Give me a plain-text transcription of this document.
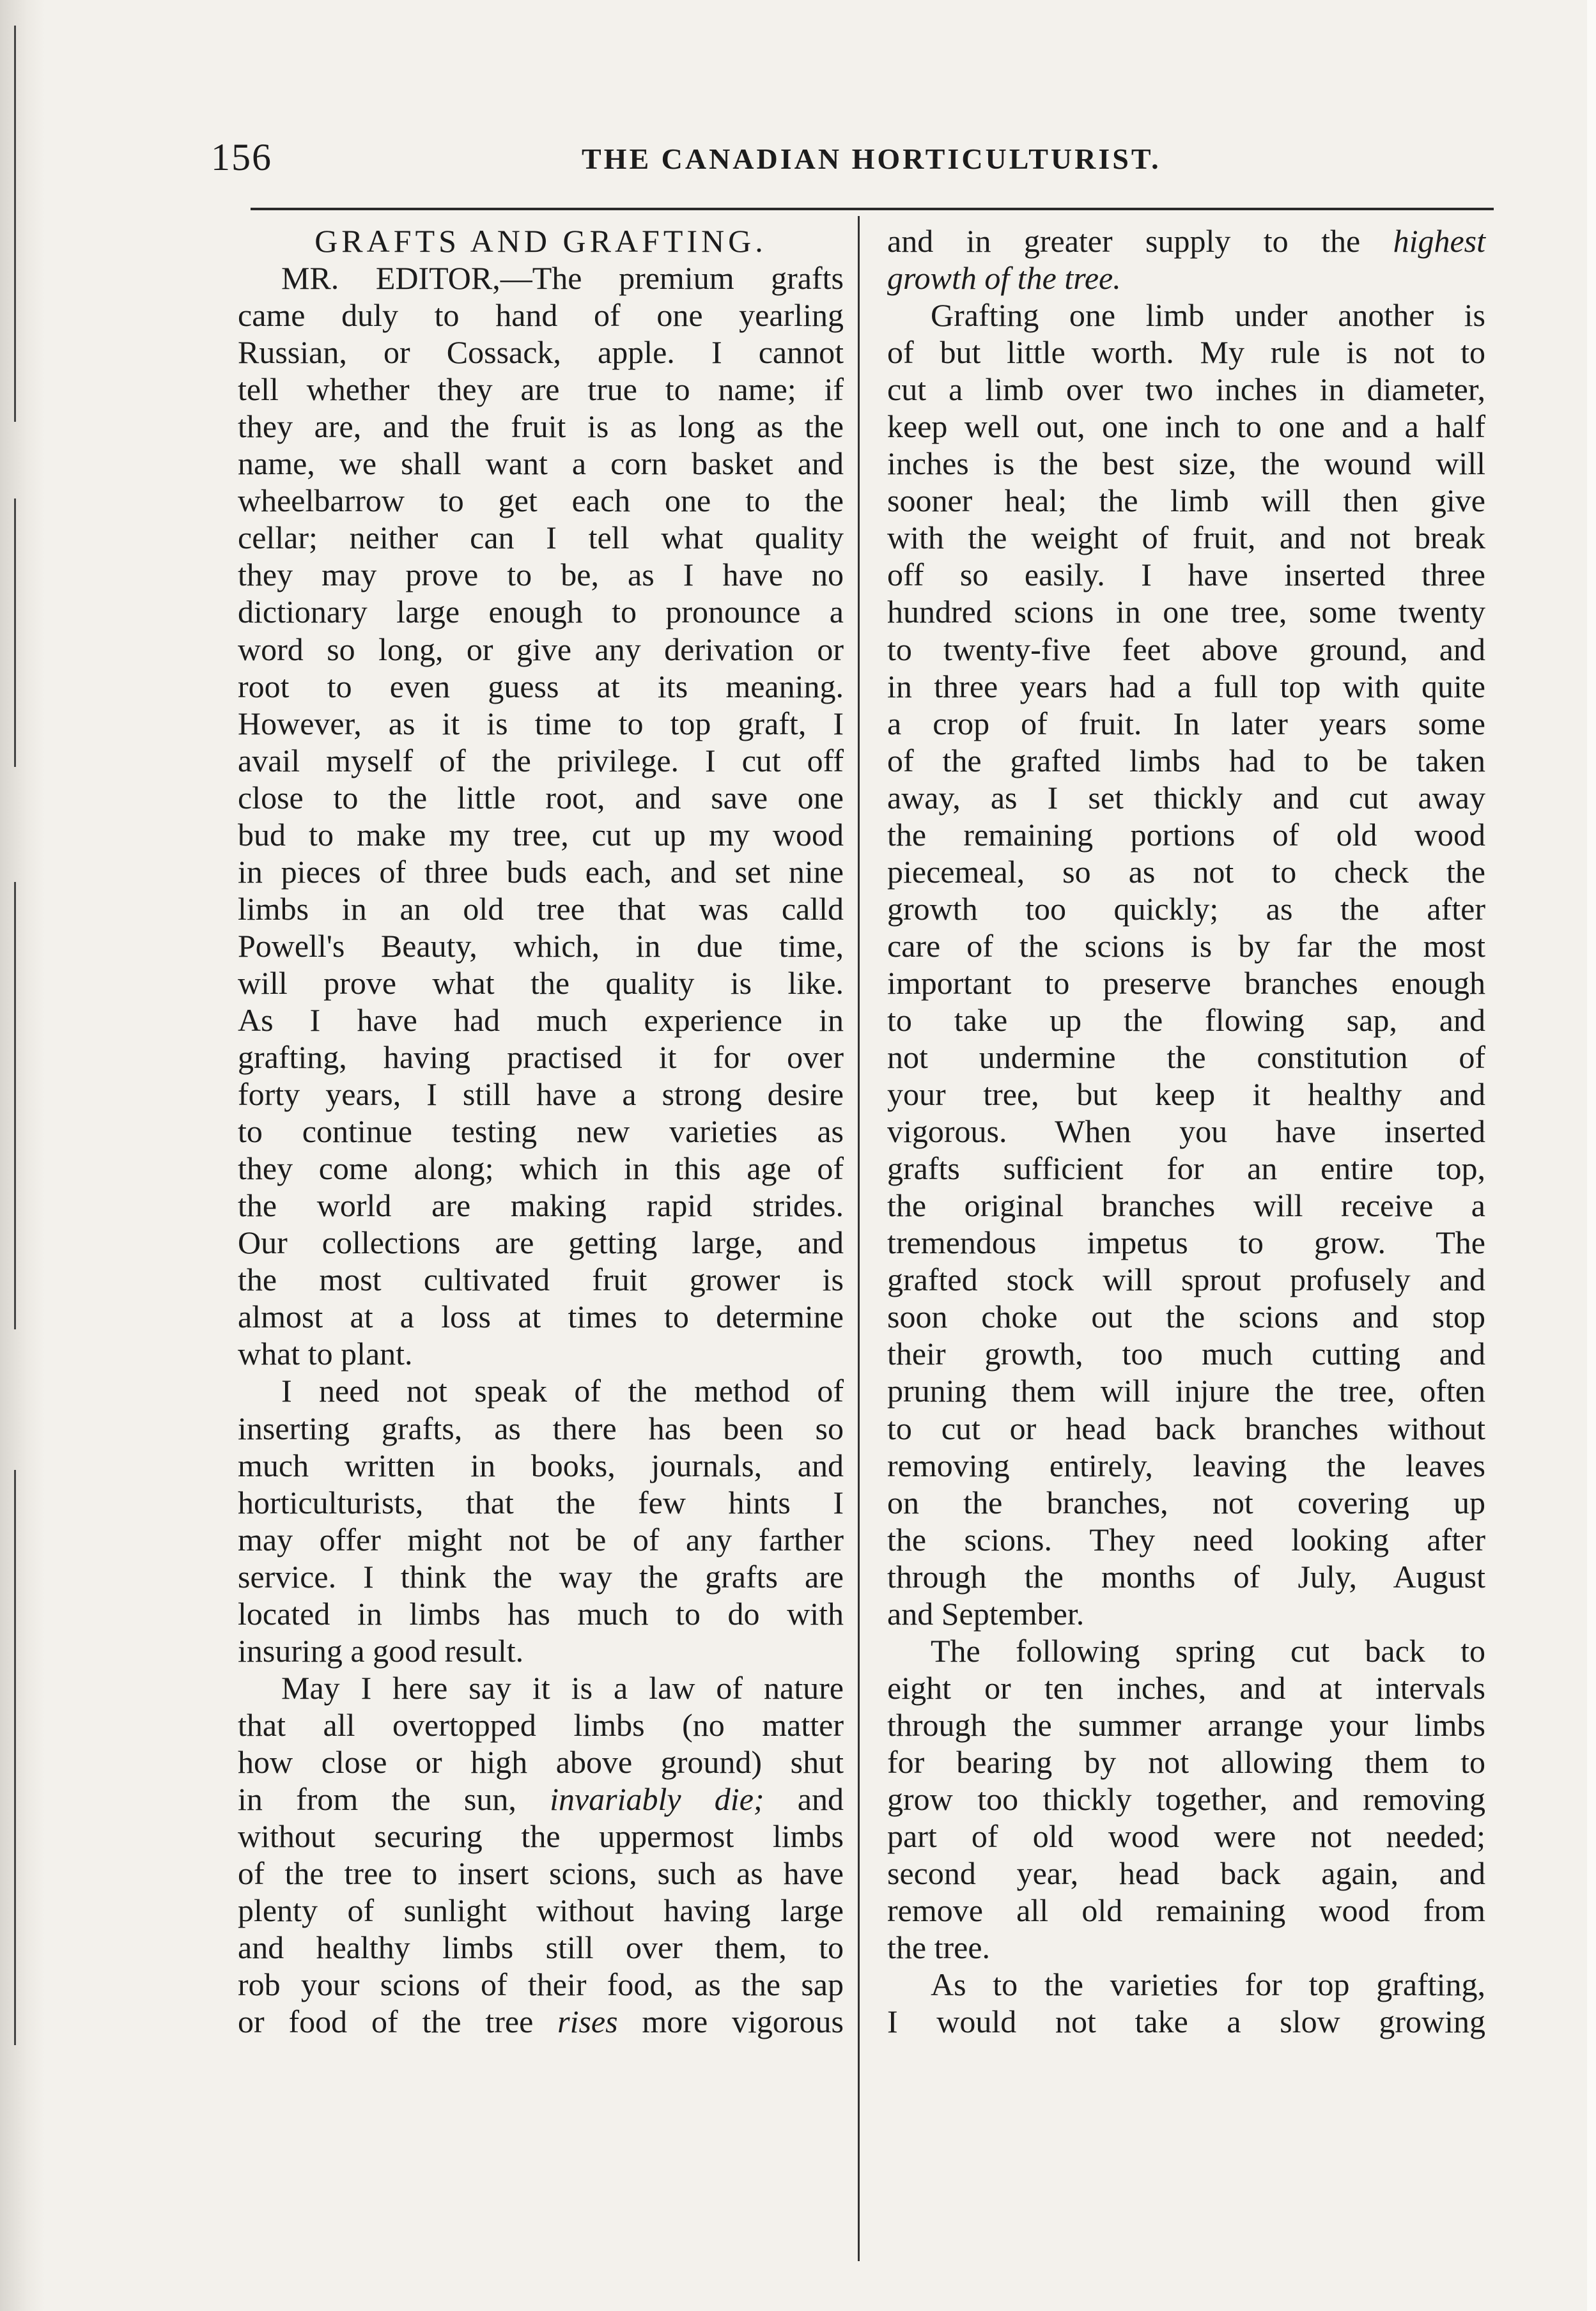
156	THE CANADIAN HORTICULTURIST.
GRAFTS AND GRAFTING.
MR. EDITOR,—The premium grafts
came duly to hand of one yearling
Russian, or Cossack, apple. I cannot
tell whether they are true to name; if
they are, and the fruit is as long as the
name, we shall want a corn basket and
wheelbarrow to get each one to the
cellar; neither can I tell what quality
they may prove to be, as I have no
dictionary large enough to pronounce a
word so long, or give any derivation or
root to even guess at its meaning.
However, as it is time to top graft, I
avail myself of the privilege. I cut off
close to the little root, and save one
bud to make my tree, cut up my wood
in pieces of three buds each, and set nine
limbs in an old tree that was calld
Powell's Beauty, which, in due time,
will prove what the quality is like.
As I have had much experience in
grafting, having practised it for over
forty years, I still have a strong desire
to continue testing new varieties as
they come along; which in this age of
the world are making rapid strides.
Our collections are getting large, and
the most cultivated fruit grower is
almost at a loss at times to determine
what to plant.
I need not speak of the method of
inserting grafts, as there has been so
much written in books, journals, and
horticulturists, that the few hints I
may offer might not be of any farther
service. I think the way the grafts are
located in limbs has much to do with
insuring a good result.
May I here say it is a law of nature
that all overtopped limbs (no matter
how close or high above ground) shut
in from the sun, invariably die; and
without securing the uppermost limbs
of the tree to insert scions, such as have
plenty of sunlight without having large
and healthy limbs still over them, to
rob your scions of their food, as the sap
or food of the tree rises more vigorous
and in greater supply to the highest
growth of the tree.
Grafting one limb under another is
of but little worth. My rule is not to
cut a limb over two inches in diameter,
keep well out, one inch to one and a half
inches is the best size, the wound will
sooner heal; the limb will then give
with the weight of fruit, and not break
off so easily. I have inserted three
hundred scions in one tree, some twenty
to twenty-five feet above ground, and
in three years had a full top with quite
a crop of fruit. In later years some
of the grafted limbs had to be taken
away, as I set thickly and cut away
the remaining portions of old wood
piecemeal, so as not to check the
growth too quickly; as the after
care of the scions is by far the most
important to preserve branches enough
to take up the flowing sap, and
not undermine the constitution of
your tree, but keep it healthy and
vigorous. When you have inserted
grafts sufficient for an entire top,
the original branches will receive a
tremendous impetus to grow. The
grafted stock will sprout profusely and
soon choke out the scions and stop
their growth, too much cutting and
pruning them will injure the tree, often
to cut or head back branches without
removing entirely, leaving the leaves
on the branches, not covering up
the scions. They need looking after
through the months of July, August
and September.
The following spring cut back to
eight or ten inches, and at intervals
through the summer arrange your limbs
for bearing by not allowing them to
grow too thickly together, and removing
part of old wood were not needed;
second year, head back again, and
remove all old remaining wood from
the tree.
As to the varieties for top grafting,
I would not take a slow growing
